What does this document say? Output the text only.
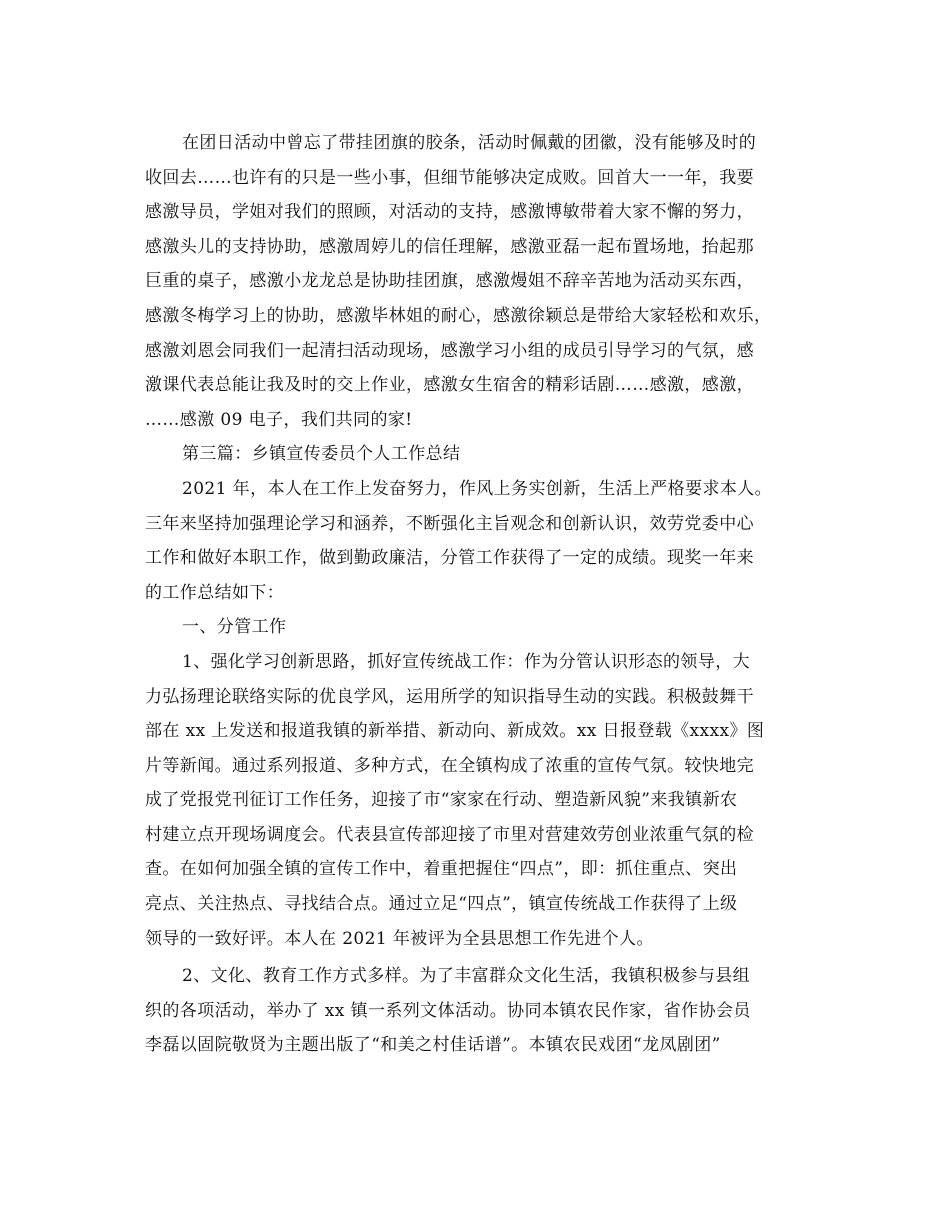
在团日活动中曾忘了带挂团旗的胶条，活动时佩戴的团徽，没有能够及时的
收回去……也许有的只是一些小事，但细节能够决定成败。回首大一一年，我要
感激导员，学姐对我们的照顾，对活动的支持，感激博敏带着大家不懈的努力，
感激头儿的支持协助，感激周婷儿的信任理解，感激亚磊一起布置场地，抬起那
巨重的桌子，感激小龙龙总是协助挂团旗，感激熳姐不辞辛苦地为活动买东西，
感激冬梅学习上的协助，感激毕林姐的耐心，感激徐颖总是带给大家轻松和欢乐，
感激刘恩会同我们一起清扫活动现场，感激学习小组的成员引导学习的气氛，感
激课代表总能让我及时的交上作业，感激女生宿舍的精彩话剧……感激，感激，
……感激 09 电子，我们共同的家!
第三篇：乡镇宣传委员个人工作总结
2021 年，本人在工作上发奋努力，作风上务实创新，生活上严格要求本人。
三年来坚持加强理论学习和涵养，不断强化主旨观念和创新认识，效劳党委中心
工作和做好本职工作，做到勤政廉洁，分管工作获得了一定的成绩。现奖一年来
的工作总结如下：
一、分管工作
1、强化学习创新思路，抓好宣传统战工作：作为分管认识形态的领导，大
力弘扬理论联络实际的优良学风，运用所学的知识指导生动的实践。积极鼓舞干
部在 xx 上发送和报道我镇的新举措、新动向、新成效。xx 日报登载《xxxx》图
片等新闻。通过系列报道、多种方式，在全镇构成了浓重的宣传气氛。较快地完
成了党报党刊征订工作任务，迎接了市“家家在行动、塑造新风貌”来我镇新农
村建立点开现场调度会。代表县宣传部迎接了市里对营建效劳创业浓重气氛的检
查。在如何加强全镇的宣传工作中，着重把握住“四点”，即：抓住重点、突出
亮点、关注热点、寻找结合点。通过立足“四点”，镇宣传统战工作获得了上级
领导的一致好评。本人在 2021 年被评为全县思想工作先进个人。
2、文化、教育工作方式多样。为了丰富群众文化生活，我镇积极参与县组
织的各项活动，举办了 xx 镇一系列文体活动。协同本镇农民作家，省作协会员
李磊以固院敬贤为主题出版了“和美之村佳话谱”。本镇农民戏团“龙凤剧团”
